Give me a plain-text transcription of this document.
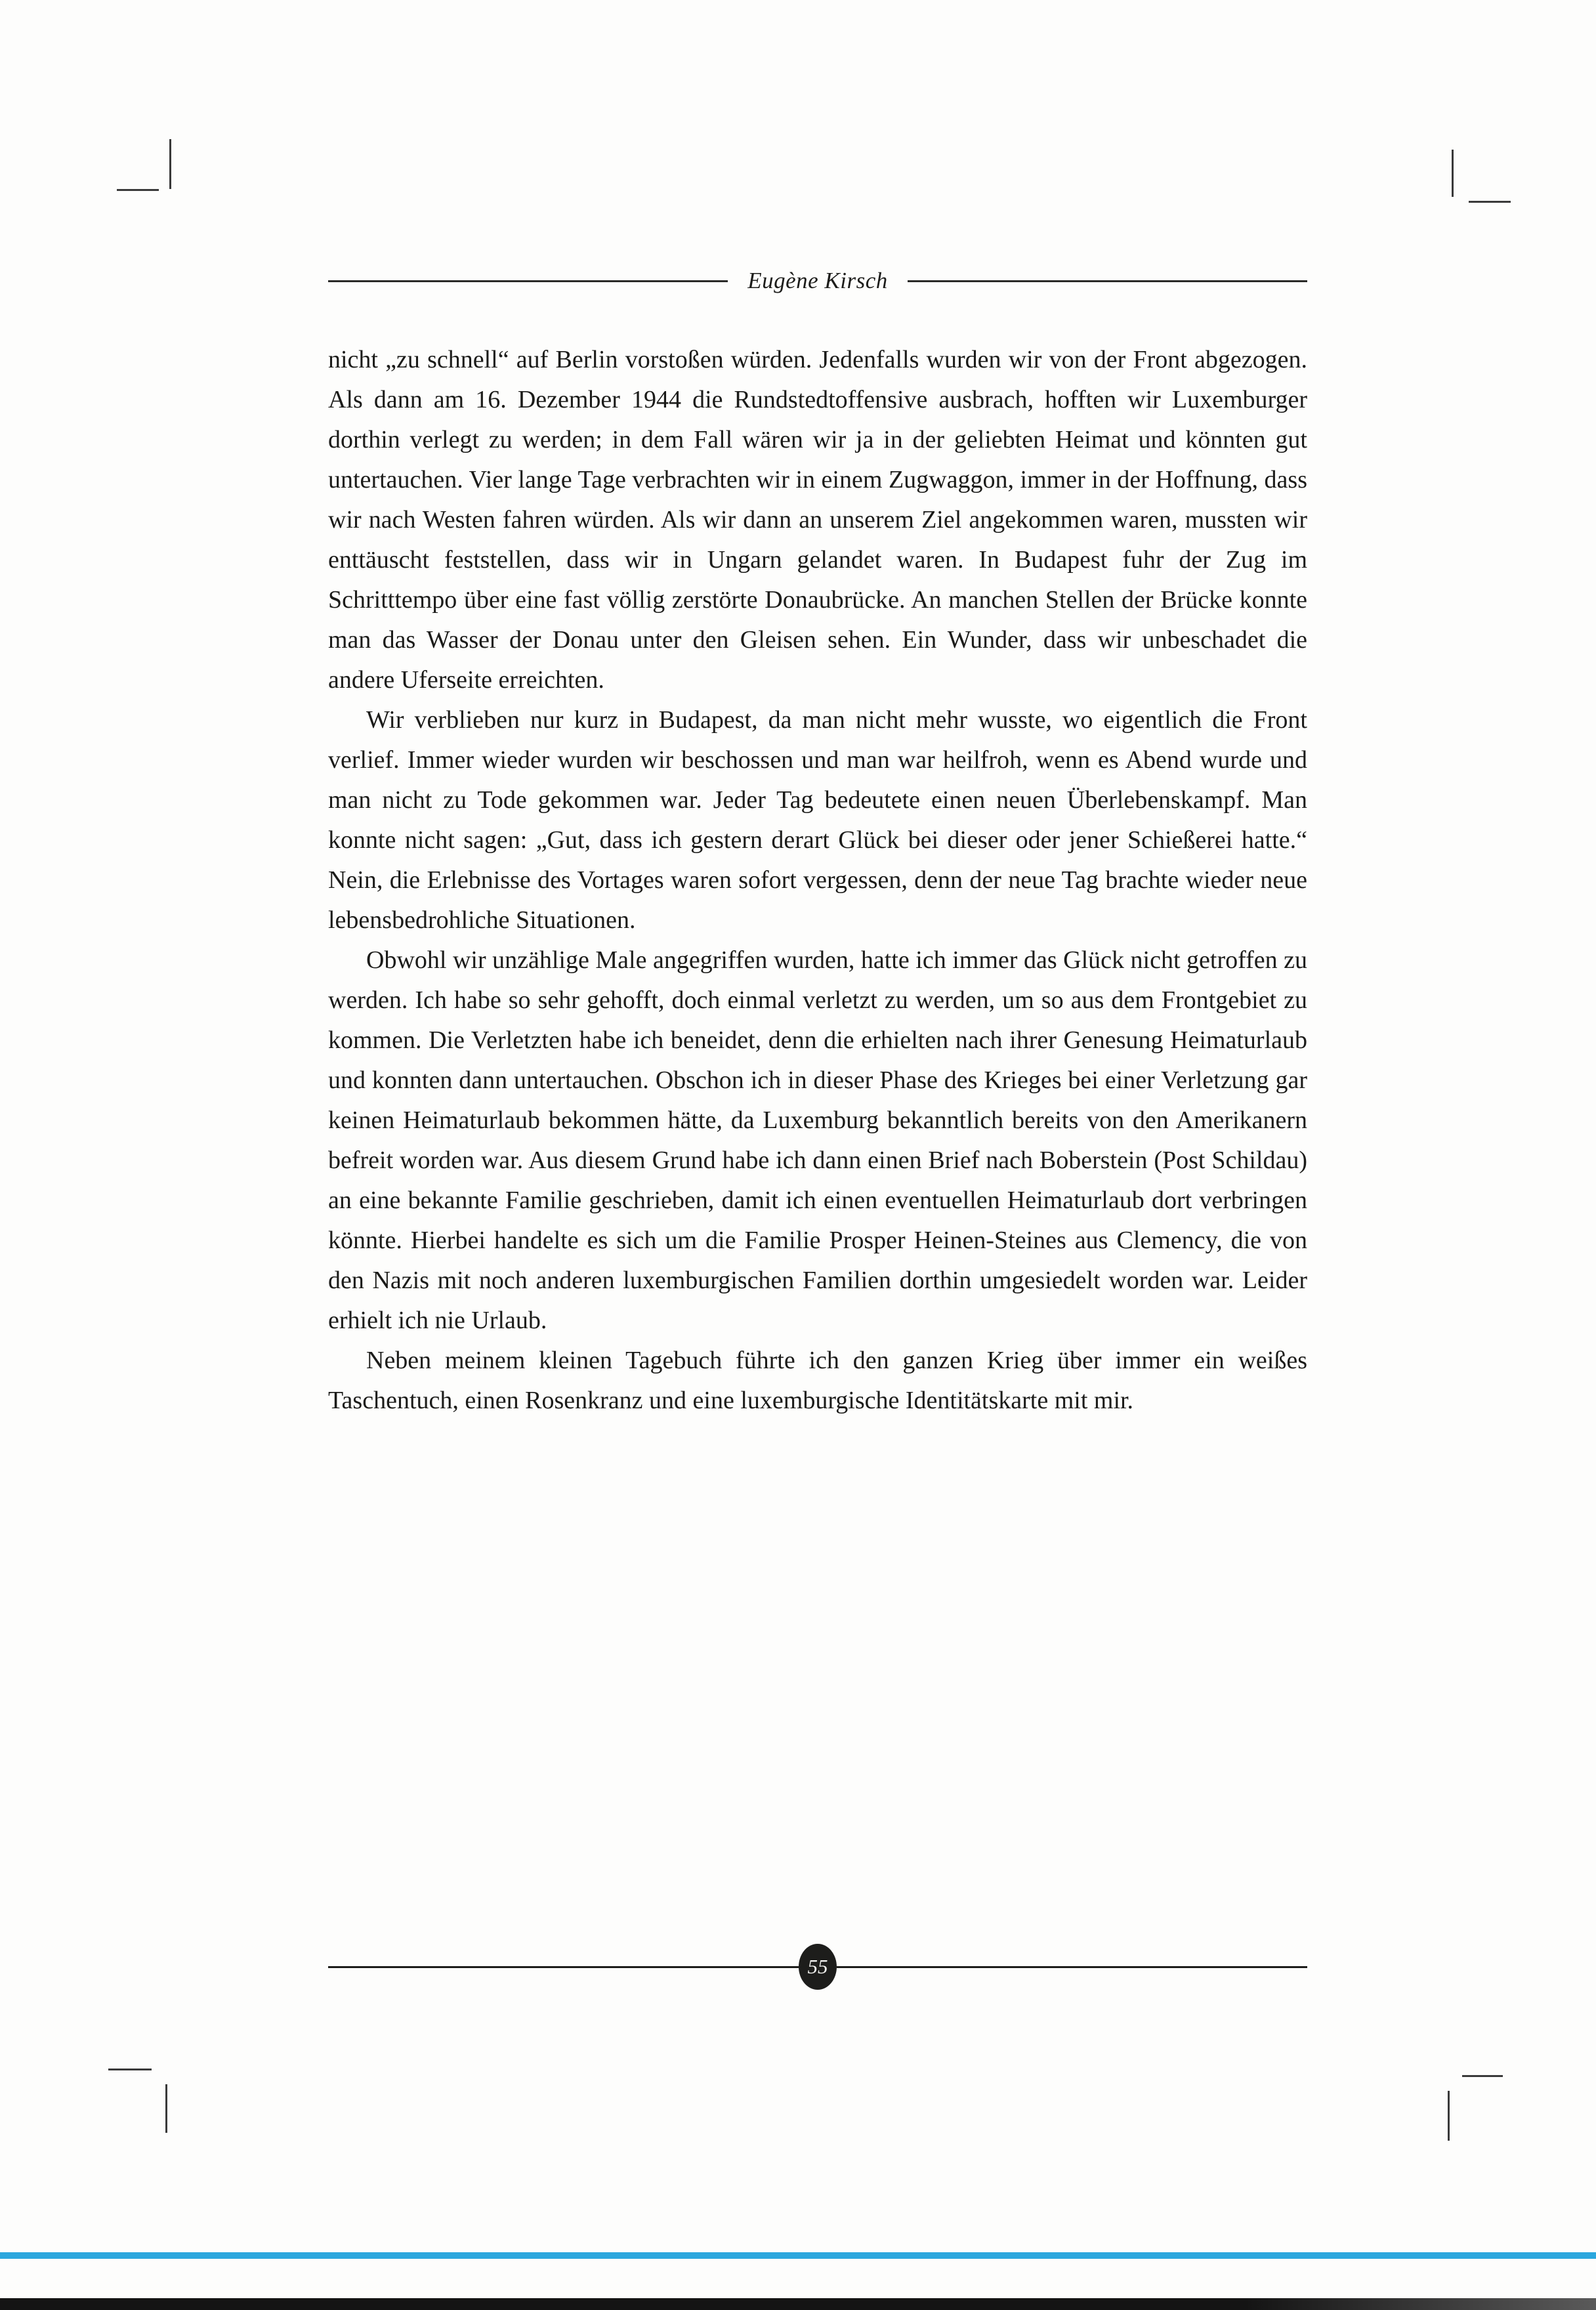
Eugène Kirsch

nicht „zu schnell“ auf Berlin vorstoßen würden. Jedenfalls wurden wir von der Front abgezogen. Als dann am 16. Dezember 1944 die Rundstedtoffensive ausbrach, hofften wir Luxemburger dorthin verlegt zu werden; in dem Fall wären wir ja in der geliebten Heimat und könnten gut untertauchen. Vier lange Tage verbrachten wir in einem Zugwaggon, immer in der Hoffnung, dass wir nach Westen fahren würden. Als wir dann an unserem Ziel angekommen waren, mussten wir enttäuscht feststellen, dass wir in Ungarn gelandet waren. In Budapest fuhr der Zug im Schritttempo über eine fast völlig zerstörte Donaubrücke. An manchen Stellen der Brücke konnte man das Wasser der Donau unter den Gleisen sehen. Ein Wunder, dass wir unbeschadet die andere Uferseite erreichten.

Wir verblieben nur kurz in Budapest, da man nicht mehr wusste, wo eigentlich die Front verlief. Immer wieder wurden wir beschossen und man war heilfroh, wenn es Abend wurde und man nicht zu Tode gekommen war. Jeder Tag bedeutete einen neuen Überlebenskampf. Man konnte nicht sagen: „Gut, dass ich gestern derart Glück bei dieser oder jener Schießerei hatte.“ Nein, die Erlebnisse des Vortages waren sofort vergessen, denn der neue Tag brachte wieder neue lebensbedrohliche Situationen.

Obwohl wir unzählige Male angegriffen wurden, hatte ich immer das Glück nicht getroffen zu werden. Ich habe so sehr gehofft, doch einmal verletzt zu werden, um so aus dem Frontgebiet zu kommen. Die Verletzten habe ich beneidet, denn die erhielten nach ihrer Genesung Heimaturlaub und konnten dann untertauchen. Obschon ich in dieser Phase des Krieges bei einer Verletzung gar keinen Heimaturlaub bekommen hätte, da Luxemburg bekanntlich bereits von den Amerikanern befreit worden war. Aus diesem Grund habe ich dann einen Brief nach Boberstein (Post Schildau) an eine bekannte Familie geschrieben, damit ich einen eventuellen Heimaturlaub dort verbringen könnte. Hierbei handelte es sich um die Familie Prosper Heinen-Steines aus Clemency, die von den Nazis mit noch anderen luxemburgischen Familien dorthin umgesiedelt worden war. Leider erhielt ich nie Urlaub.

Neben meinem kleinen Tagebuch führte ich den ganzen Krieg über immer ein weißes Taschentuch, einen Rosenkranz und eine luxemburgische Identitätskarte mit mir.

55
